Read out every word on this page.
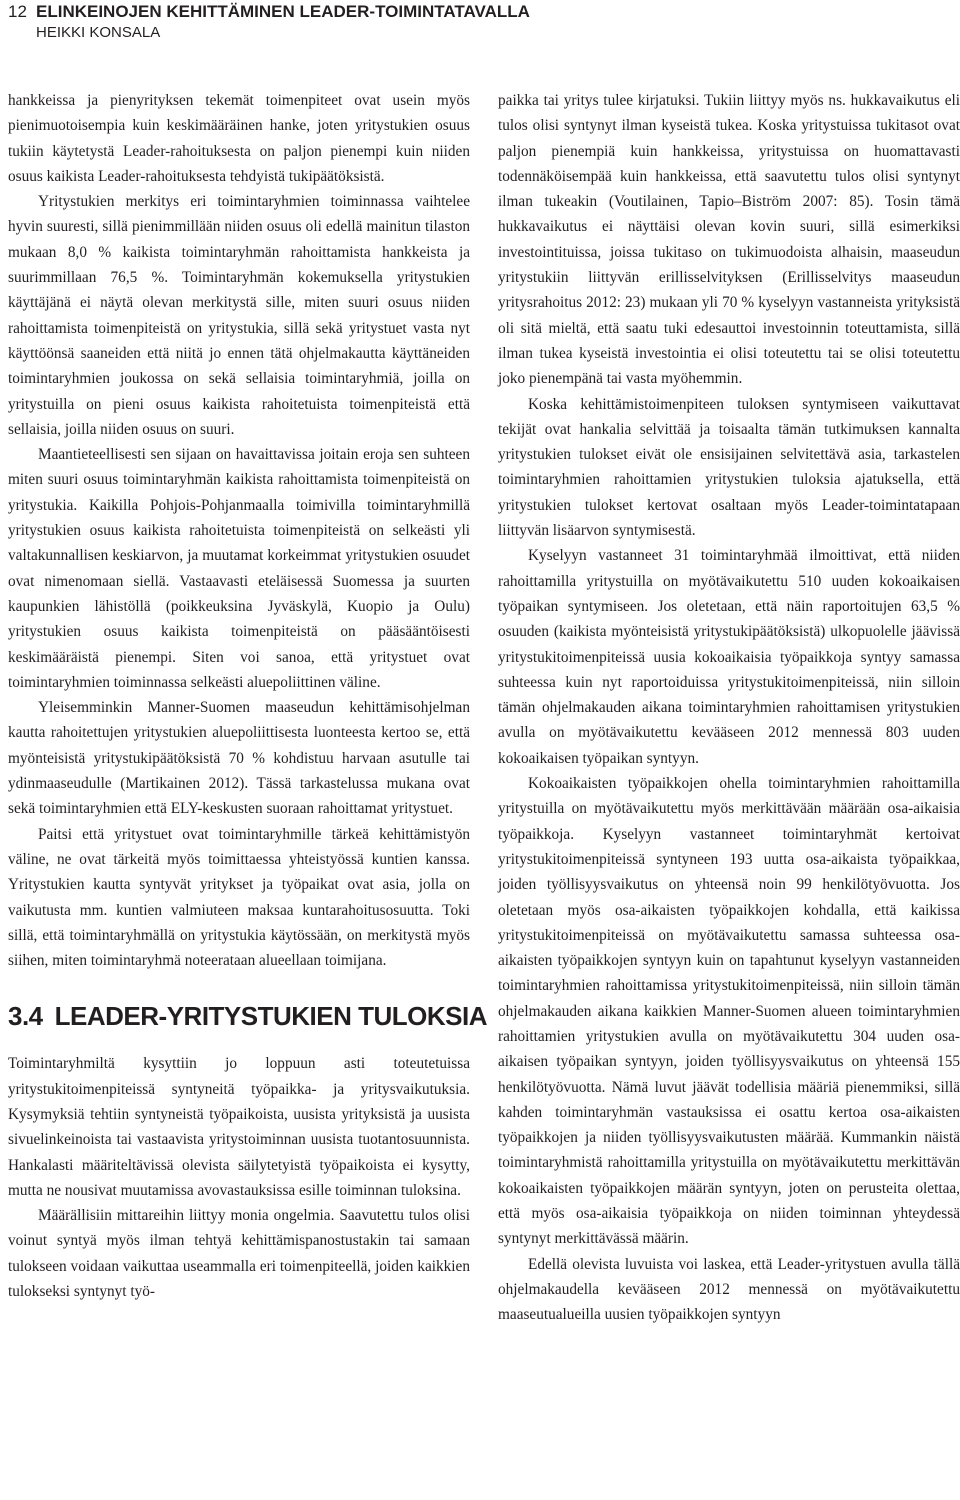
12 ELINKEINOJEN KEHITTÄMINEN LEADER-TOIMINTATAVALLA
HEIKKI KONSALA

hankkeissa ja pienyrityksen tekemät toimenpiteet ovat usein myös pienimuotoisempia kuin keskimääräinen hanke, joten yritystukien osuus tukiin käytetystä Leader-rahoituksesta on paljon pienempi kuin niiden osuus kaikista Leader-rahoituksesta tehdyistä tukipäätöksistä.

Yritystukien merkitys eri toimintaryhmien toiminnassa vaihtelee hyvin suuresti, sillä pienimmillään niiden osuus oli edellä mainitun tilaston mukaan 8,0 % kaikista toimintaryhmän rahoittamista hankkeista ja suurimmillaan 76,5 %. Toimintaryhmän kokemuksella yritystukien käyttäjänä ei näytä olevan merkitystä sille, miten suuri osuus niiden rahoittamista toimenpiteistä on yritystukia, sillä sekä yritystuet vasta nyt käyttöönsä saaneiden että niitä jo ennen tätä ohjelmakautta käyttäneiden toimintaryhmien joukossa on sekä sellaisia toimintaryhmiä, joilla on yritystuilla on pieni osuus kaikista rahoitetuista toimenpiteistä että sellaisia, joilla niiden osuus on suuri.

Maantieteellisesti sen sijaan on havaittavissa joitain eroja sen suhteen miten suuri osuus toimintaryhmän kaikista rahoittamista toimenpiteistä on yritystukia. Kaikilla Pohjois-Pohjanmaalla toimivilla toimintaryhmillä yritystukien osuus kaikista rahoitetuista toimenpiteistä on selkeästi yli valtakunnallisen keskiarvon, ja muutamat korkeimmat yritystukien osuudet ovat nimenomaan siellä. Vastaavasti eteläisessä Suomessa ja suurten kaupunkien lähistöllä (poikkeuksina Jyväskylä, Kuopio ja Oulu) yritystukien osuus kaikista toimenpiteistä on pääsääntöisesti keskimääräistä pienempi. Siten voi sanoa, että yritystuet ovat toimintaryhmien toiminnassa selkeästi aluepoliittinen väline.

Yleisemminkin Manner-Suomen maaseudun kehittämisohjelman kautta rahoitettujen yritystukien aluepoliittisesta luonteesta kertoo se, että myönteisistä yritystukipäätöksistä 70 % kohdistuu harvaan asutulle tai ydinmaaseudulle (Martikainen 2012). Tässä tarkastelussa mukana ovat sekä toimintaryhmien että ELY-keskusten suoraan rahoittamat yritystuet.

Paitsi että yritystuet ovat toimintaryhmille tärkeä kehittämistyön väline, ne ovat tärkeitä myös toimittaessa yhteistyössä kuntien kanssa. Yritystukien kautta syntyvät yritykset ja työpaikat ovat asia, jolla on vaikutusta mm. kuntien valmiuteen maksaa kuntarahoitusosuutta. Toki sillä, että toimintaryhmällä on yritystukia käytössään, on merkitystä myös siihen, miten toimintaryhmä noteerataan alueellaan toimijana.

3.4 LEADER-YRITYSTUKIEN TULOKSIA

Toimintaryhmiltä kysyttiin jo loppuun asti toteutetuissa yritystukitoimenpiteissä syntyneitä työpaikka- ja yritysvaikutuksia. Kysymyksiä tehtiin syntyneistä työpaikoista, uusista yrityksistä ja uusista sivuelinkeinoista tai vastaavista yritystoiminnan uusista tuotantosuunnista. Hankalasti määriteltävissä olevista säilytetyistä työpaikoista ei kysytty, mutta ne nousivat muutamissa avovastauksissa esille toiminnan tuloksina.

Määrällisiin mittareihin liittyy monia ongelmia. Saavutettu tulos olisi voinut syntyä myös ilman tehtyä kehittämispanostustakin tai samaan tulokseen voidaan vaikuttaa useammalla eri toimenpiteellä, joiden kaikkien tulokseksi syntynyt työ-

paikka tai yritys tulee kirjatuksi. Tukiin liittyy myös ns. hukkavaikutus eli tulos olisi syntynyt ilman kyseistä tukea. Koska yritystuissa tukitasot ovat paljon pienempiä kuin hankkeissa, yritystuissa on huomattavasti todennäköisempää kuin hankkeissa, että saavutettu tulos olisi syntynyt ilman tukeakin (Voutilainen, Tapio–Biström 2007: 85). Tosin tämä hukkavaikutus ei näyttäisi olevan kovin suuri, sillä esimerkiksi investointituissa, joissa tukitaso on tukimuodoista alhaisin, maaseudun yritystukiin liittyvän erillisselvityksen (Erillisselvitys maaseudun yritysrahoitus 2012: 23) mukaan yli 70 % kyselyyn vastanneista yrityksistä oli sitä mieltä, että saatu tuki edesauttoi investoinnin toteuttamista, sillä ilman tukea kyseistä investointia ei olisi toteutettu tai se olisi toteutettu joko pienempänä tai vasta myöhemmin.

Koska kehittämistoimenpiteen tuloksen syntymiseen vaikuttavat tekijät ovat hankalia selvittää ja toisaalta tämän tutkimuksen kannalta yritystukien tulokset eivät ole ensisijainen selvitettävä asia, tarkastelen toimintaryhmien rahoittamien yritystukien tuloksia ajatuksella, että yritystukien tulokset kertovat osaltaan myös Leader-toimintatapaan liittyvän lisäarvon syntymisestä.

Kyselyyn vastanneet 31 toimintaryhmää ilmoittivat, että niiden rahoittamilla yritystuilla on myötävaikutettu 510 uuden kokoaikaisen työpaikan syntymiseen. Jos oletetaan, että näin raportoitujen 63,5 % osuuden (kaikista myönteisistä yritystukipäätöksistä) ulkopuolelle jäävissä yritystukitoimenpiteissä uusia kokoaikaisia työpaikkoja syntyy samassa suhteessa kuin nyt raportoiduissa yritystukitoimenpiteissä, niin silloin tämän ohjelmakauden aikana toimintaryhmien rahoittamisen yritystukien avulla on myötävaikutettu kevääseen 2012 mennessä 803 uuden kokoaikaisen työpaikan syntyyn.

Kokoaikaisten työpaikkojen ohella toimintaryhmien rahoittamilla yritystuilla on myötävaikutettu myös merkittävään määrään osa-aikaisia työpaikkoja. Kyselyyn vastanneet toimintaryhmät kertoivat yritystukitoimenpiteissä syntyneen 193 uutta osa-aikaista työpaikkaa, joiden työllisyysvaikutus on yhteensä noin 99 henkilötyövuotta. Jos oletetaan myös osa-aikaisten työpaikkojen kohdalla, että kaikissa yritystukitoimenpiteissä on myötävaikutettu samassa suhteessa osa-aikaisten työpaikkojen syntyyn kuin on tapahtunut kyselyyn vastanneiden toimintaryhmien rahoittamissa yritystukitoimenpiteissä, niin silloin tämän ohjelmakauden aikana kaikkien Manner-Suomen alueen toimintaryhmien rahoittamien yritystukien avulla on myötävaikutettu 304 uuden osa-aikaisen työpaikan syntyyn, joiden työllisyysvaikutus on yhteensä 155 henkilötyövuotta. Nämä luvut jäävät todellisia määriä pienemmiksi, sillä kahden toimintaryhmän vastauksissa ei osattu kertoa osa-aikaisten työpaikkojen ja niiden työllisyysvaikutusten määrää. Kummankin näistä toimintaryhmistä rahoittamilla yritystuilla on myötävaikutettu merkittävän kokoaikaisten työpaikkojen määrän syntyyn, joten on perusteita olettaa, että myös osa-aikaisia työpaikkoja on niiden toiminnan yhteydessä syntynyt merkittävässä määrin.

Edellä olevista luvuista voi laskea, että Leader-yritystuen avulla tällä ohjelmakaudella kevääseen 2012 mennessä on myötävaikutettu maaseutualueilla uusien työpaikkojen syntyyn
